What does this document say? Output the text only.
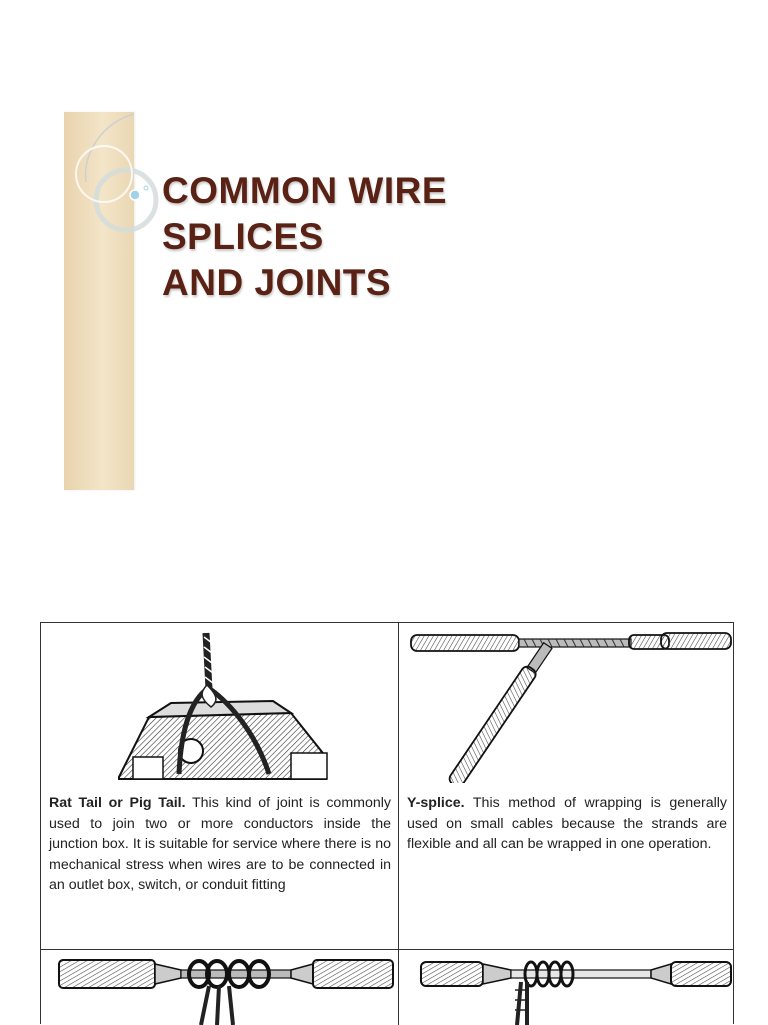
COMMON WIRE
SPLICES
AND JOINTS

Rat Tail or Pig Tail. This kind of joint is commonly used to join two or more conductors inside the junction box. It is suitable for service where there is no mechanical stress when wires are to be connected in an outlet box, switch, or conduit fitting

Y-splice. This method of wrapping is generally used on small cables because the strands are flexible and all can be wrapped in one operation.
